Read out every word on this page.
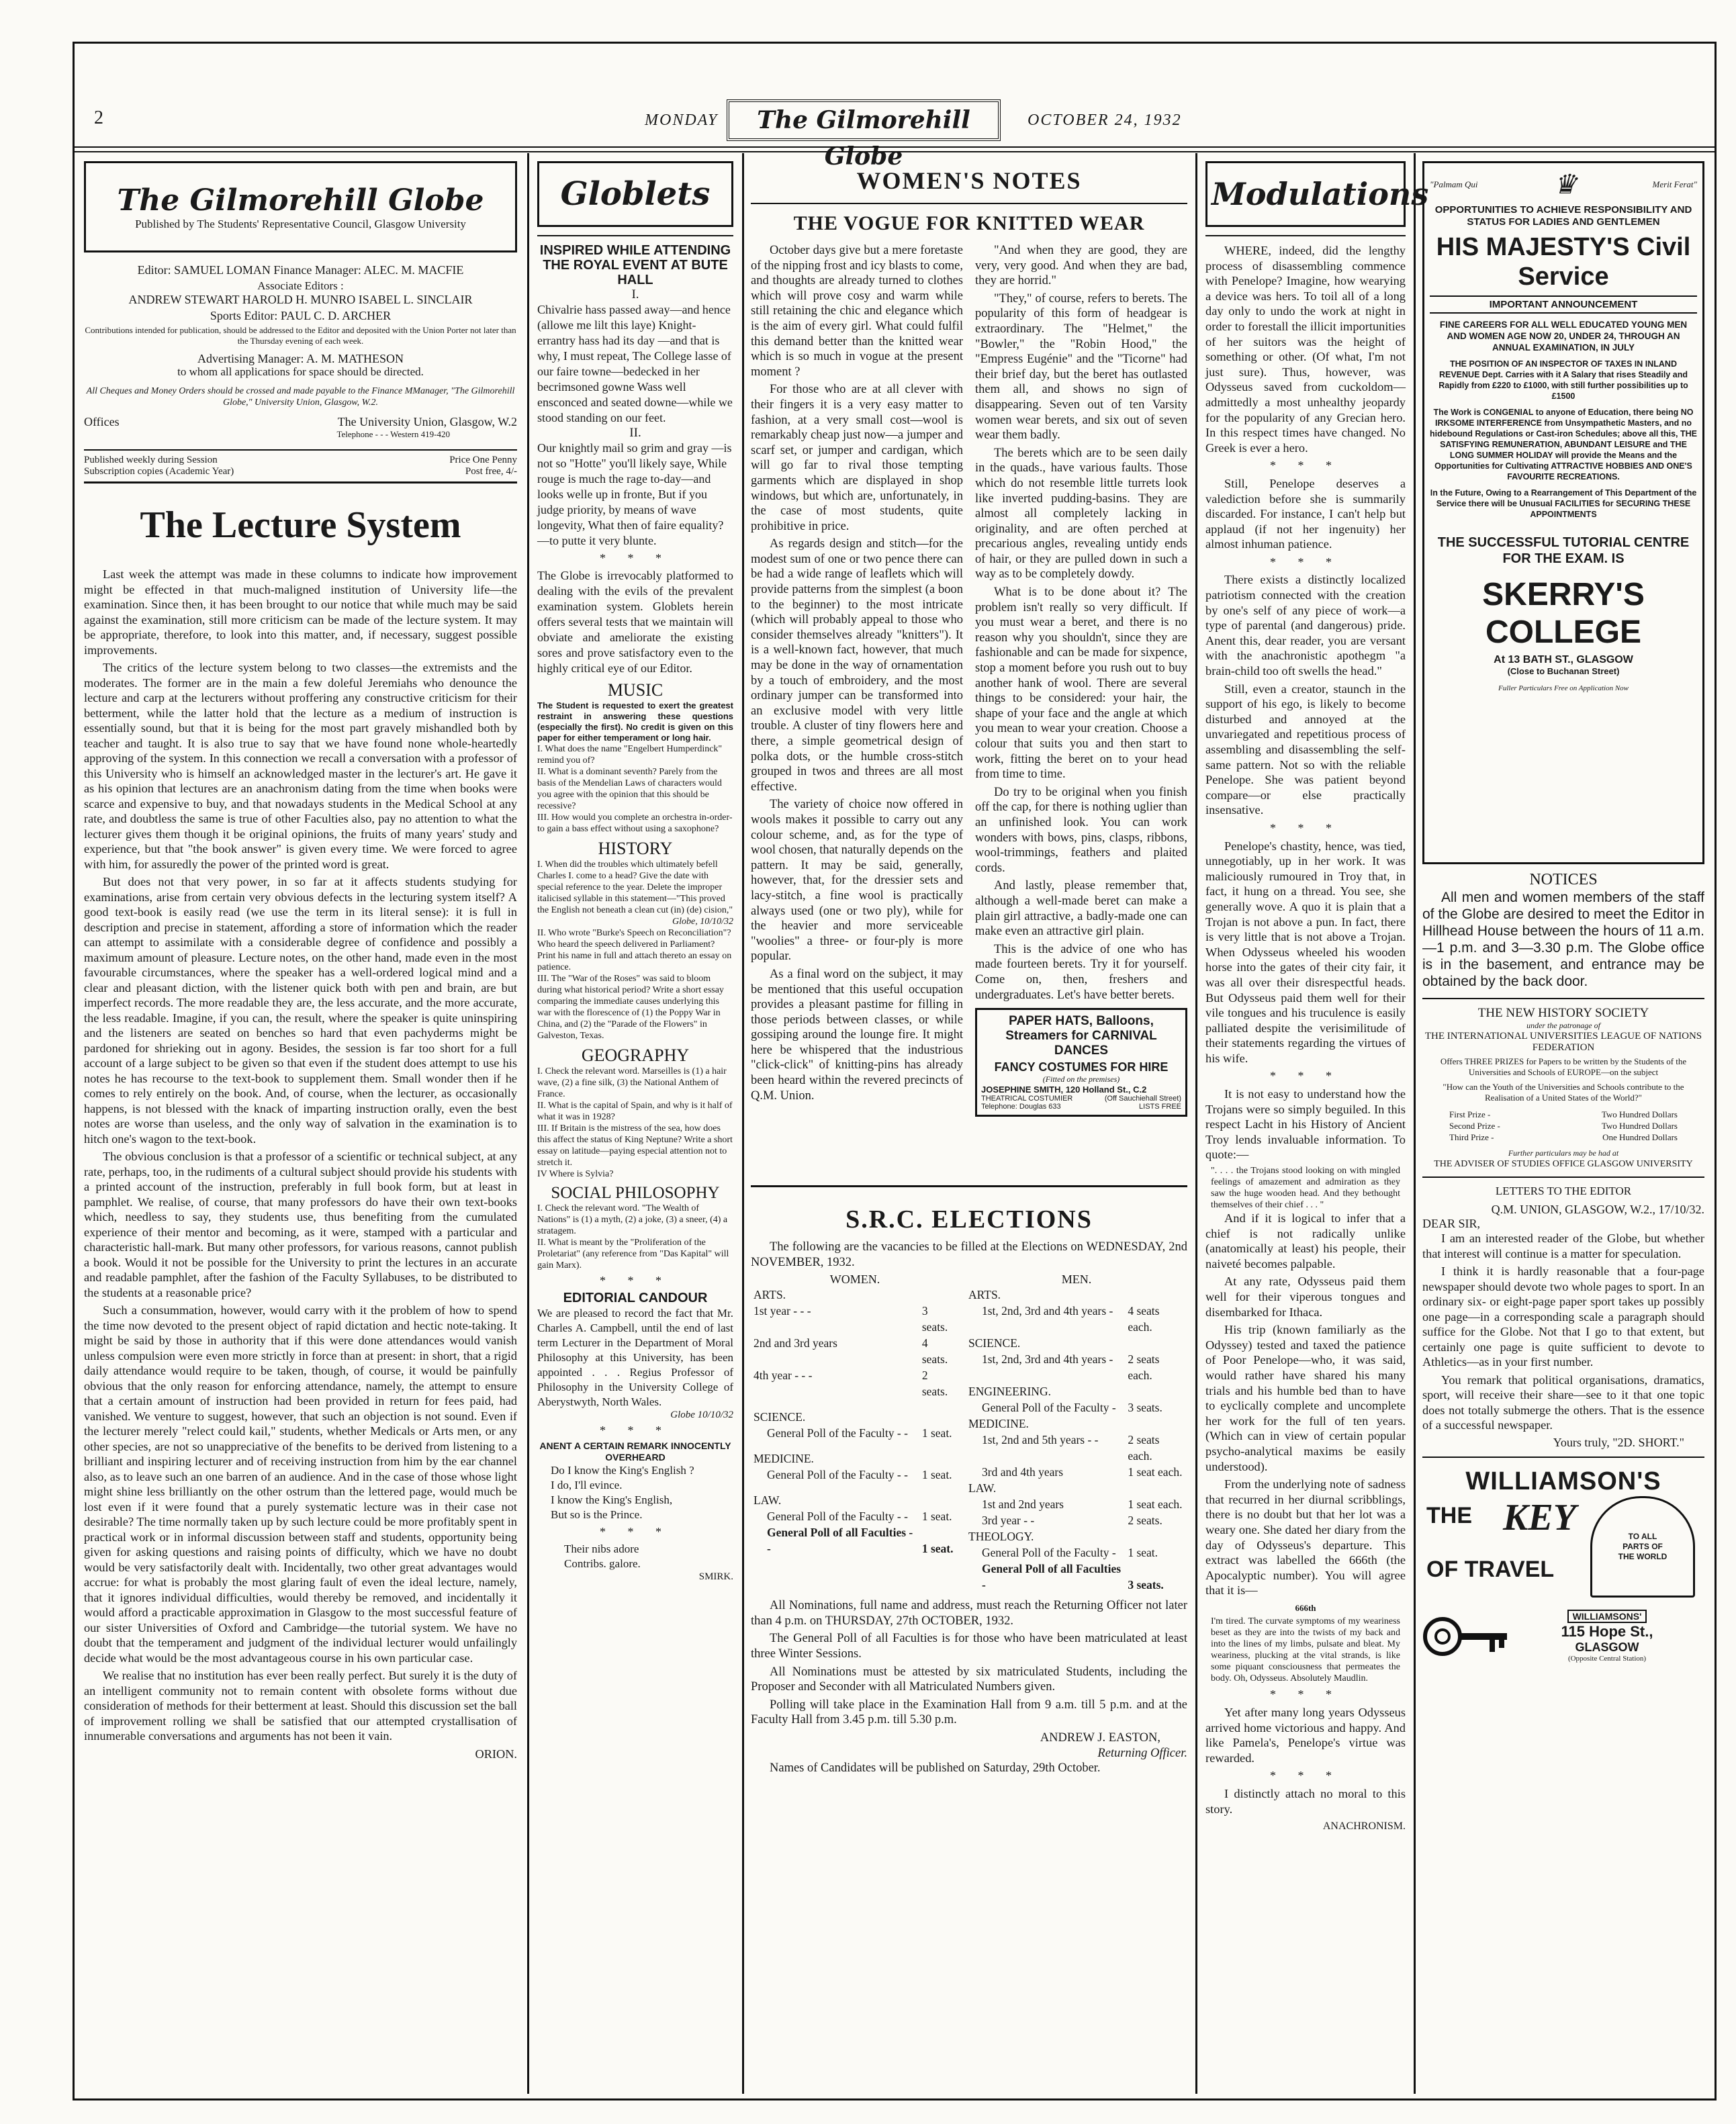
2	MONDAY	The Gilmorehill Globe
OCTOBER 24, 1932
The Gilmorehill Globe
Published by The Students' Representative Council, Glasgow University
Editor: SAMUEL LOMAN Finance Manager: ALEC. M. MACFIE
Associate Editors :
ANDREW STEWART HAROLD H. MUNRO ISABEL L. SINCLAIR
Sports Editor: PAUL C. D. ARCHER
Contributions intended for publication, should be addressed to the Editor and deposited with the Union Porter not later than the Thursday evening of each week.
Advertising Manager: A. M. MATHESON
to whom all applications for space should be directed.
All Cheques and Money Orders should be crossed and made payable to the Finance MManager, "The Gilmorehill Globe," University Union, Glasgow, W.2.
Offices	The University Union, Glasgow, W.2
Telephone - - - Western 419-420
Published weekly during Session	Price One Penny
Subscription copies (Academic Year)	Post free, 4/-
The Lecture System

Last week the attempt was made in these columns to indicate how improvement might be effected in that much-maligned institution of University life—the examination. Since then, it has been brought to our notice that while much may be said against the examination, still more criticism can be made of the lecture system. It may be appropriate, therefore, to look into this matter, and, if necessary, suggest possible improvements.

The critics of the lecture system belong to two classes—the extremists and the moderates. The former are in the main a few doleful Jeremiahs who denounce the lecture and carp at the lecturers without proffering any constructive criticism for their betterment, while the latter hold that the lecture as a medium of instruction is essentially sound, but that it is being for the most part gravely mishandled both by teacher and taught. It is also true to say that we have found none whole-heartedly approving of the system. In this connection we recall a conversation with a professor of this University who is himself an acknowledged master in the lecturer's art. He gave it as his opinion that lectures are an anachronism dating from the time when books were scarce and expensive to buy, and that nowadays students in the Medical School at any rate, and doubtless the same is true of other Faculties also, pay no attention to what the lecturer gives them though it be original opinions, the fruits of many years' study and experience, but that "the book answer" is given every time. We were forced to agree with him, for assuredly the power of the printed word is great.

But does not that very power, in so far at it affects students studying for examinations, arise from certain very obvious defects in the lecturing system itself? A good text-book is easily read (we use the term in its literal sense): it is full in description and precise in statement, affording a store of information which the reader can attempt to assimilate with a considerable degree of confidence and possibly a maximum amount of pleasure. Lecture notes, on the other hand, made even in the most favourable circumstances, where the speaker has a well-ordered logical mind and a clear and pleasant diction, with the listener quick both with pen and brain, are but imperfect records. The more readable they are, the less accurate, and the more accurate, the less readable. Imagine, if you can, the result, where the speaker is quite uninspiring and the listeners are seated on benches so hard that even pachyderms might be pardoned for shrieking out in agony. Besides, the session is far too short for a full account of a large subject to be given so that even if the student does attempt to use his notes he has recourse to the text-book to supplement them. Small wonder then if he comes to rely entirely on the book. And, of course, when the lecturer, as occasionally happens, is not blessed with the knack of imparting instruction orally, even the best notes are worse than useless, and the only way of salvation in the examination is to hitch one's wagon to the text-book.

The obvious conclusion is that a professor of a scientific or technical subject, at any rate, perhaps, too, in the rudiments of a cultural subject should provide his students with a printed account of the instruction, preferably in full book form, but at least in pamphlet. We realise, of course, that many professors do have their own text-books which, needless to say, they students use, thus benefiting from the cumulated experience of their mentor and becoming, as it were, stamped with a particular and characteristic hall-mark. But many other professors, for various reasons, cannot publish a book. Would it not be possible for the University to print the lectures in an accurate and readable pamphlet, after the fashion of the Faculty Syllabuses, to be distributed to the students at a reasonable price?

Such a consummation, however, would carry with it the problem of how to spend the time now devoted to the present object of rapid dictation and hectic note-taking. It might be said by those in authority that if this were done attendances would vanish unless compulsion were even more strictly in force than at present: in short, that a rigid daily attendance would require to be taken, though, of course, it would be painfully obvious that the only reason for enforcing attendance, namely, the attempt to ensure that a certain amount of instruction had been provided in return for fees paid, had vanished. We venture to suggest, however, that such an objection is not sound. Even if the lecturer merely "relect could kail," students, whether Medicals or Arts men, or any other species, are not so unappreciative of the benefits to be derived from listening to a brilliant and inspiring lecturer and of receiving instruction from him by the ear channel also, as to leave such an one barren of an audience. And in the case of those whose light might shine less brilliantly on the other ostrum than the lettered page, would much be lost even if it were found that a purely systematic lecture was in their case not desirable? The time normally taken up by such lecture could be more profitably spent in practical work or in informal discussion between staff and students, opportunity being given for asking questions and raising points of difficulty, which we have no doubt would be very satisfactorily dealt with. Incidentally, two other great advantages would accrue: for what is probably the most glaring fault of even the ideal lecture, namely, that it ignores individual difficulties, would thereby be removed, and incidentally it would afford a practicable approximation in Glasgow to the most successful feature of our sister Universities of Oxford and Cambridge—the tutorial system. We have no doubt that the temperament and judgment of the individual lecturer would unfailingly decide what would be the most advantageous course in his own particular case.

We realise that no institution has ever been really perfect. But surely it is the duty of an intelligent community not to remain content with obsolete forms without due consideration of methods for their betterment at least. Should this discussion set the ball of improvement rolling we shall be satisfied that our attempted crystallisation of innumerable conversations and arguments has not been it vain.

ORION.
Globlets
INSPIRED WHILE ATTENDING THE ROYAL EVENT AT BUTE HALL
I.
Chivalrie hass passed away—and hence (allowe me lilt this laye) Knight-errantry hass had its day —and that is why, I must repeat, The College lasse of our faire towne—bedecked in her becrimsoned gowne Wass well ensconced and seated downe—while we stood standing on our feet.
II.
Our knightly mail so grim and gray —is not so "Hotte" you'll likely saye, While rouge is much the rage to-day—and looks welle up in fronte, But if you judge priority, by means of wave longevity, What then of faire equality?—to putte it very blunte.
* * *
The Globe is irrevocably platformed to dealing with the evils of the prevalent examination system. Globlets herein offers several tests that we maintain will obviate and ameliorate the existing sores and prove satisfactory even to the highly critical eye of our Editor.
MUSIC
The Student is requested to exert the greatest restraint in answering these questions (especially the first). No credit is given on this paper for either temperament or long hair.
I. What does the name "Engelbert Humperdinck" remind you of?
II. What is a dominant seventh? Parely from the basis of the Mendelian Laws of characters would you agree with the opinion that this should be recessive?
III. How would you complete an orchestra in-order-to gain a bass effect without using a saxophone?
HISTORY
I. When did the troubles which ultimately befell Charles I. come to a head? Give the date with special reference to the year. Delete the improper italicised syllable in this statement—"This proved the English not beneath a clean cut (in) (de) cision,"
Globe, 10/10/32
II. Who wrote "Burke's Speech on Reconciliation"? Who heard the speech delivered in Parliament? Print his name in full and attach thereto an essay on patience.
III. The "War of the Roses" was said to bloom during what historical period? Write a short essay comparing the immediate causes underlying this war with the florescence of (1) the Poppy War in China, and (2) the "Parade of the Flowers" in Galveston, Texas.
GEOGRAPHY
I. Check the relevant word. Marseilles is (1) a hair wave, (2) a fine silk, (3) the National Anthem of France.
II. What is the capital of Spain, and why is it half of what it was in 1928?
III. If Britain is the mistress of the sea, how does this affect the status of King Neptune? Write a short essay on latitude—paying especial attention not to stretch it.
IV Where is Sylvia?
SOCIAL PHILOSOPHY
I. Check the relevant word. "The Wealth of Nations" is (1) a myth, (2) a joke, (3) a sneer, (4) a stratagem.
II. What is meant by the "Proliferation of the Proletariat" (any reference from "Das Kapital" will gain Marx).
* * *
EDITORIAL CANDOUR
We are pleased to record the fact that Mr. Charles A. Campbell, until the end of last term Lecturer in the Department of Moral Philosophy at this University, has been appointed . . . Regius Professor of Philosophy in the University College of Aberystwyth, North Wales.
Globe 10/10/32
* * *
ANENT A CERTAIN REMARK INNOCENTLY OVERHEARD
Do I know the King's English ?
I do, I'll evince.
I know the King's English,
But so is the Prince.
* * *
Their nibs adore
Contribs. galore.
SMIRK.
WOMEN'S NOTES
THE VOGUE FOR KNITTED WEAR

October days give but a mere foretaste of the nipping frost and icy blasts to come, and thoughts are already turned to clothes which will prove cosy and warm while still retaining the chic and elegance which is the aim of every girl. What could fulfil this demand better than the knitted wear which is so much in vogue at the present moment ?

For those who are at all clever with their fingers it is a very easy matter to fashion, at a very small cost—wool is remarkably cheap just now—a jumper and scarf set, or jumper and cardigan, which will go far to rival those tempting garments which are displayed in shop windows, but which are, unfortunately, in the case of most students, quite prohibitive in price.

As regards design and stitch—for the modest sum of one or two pence there can be had a wide range of leaflets which will provide patterns from the simplest (a boon to the beginner) to the most intricate (which will probably appeal to those who consider themselves already "knitters"). It is a well-known fact, however, that much may be done in the way of ornamentation by a touch of embroidery, and the most ordinary jumper can be transformed into an exclusive model with very little trouble. A cluster of tiny flowers here and there, a simple geometrical design of polka dots, or the humble cross-stitch grouped in twos and threes are all most effective.

The variety of choice now offered in wools makes it possible to carry out any colour scheme, and, as for the type of wool chosen, that naturally depends on the pattern. It may be said, generally, however, that, for the dressier sets and lacy-stitch, a fine wool is practically always used (one or two ply), while for the heavier and more serviceable "woolies" a three- or four-ply is more popular.

As a final word on the subject, it may be mentioned that this useful occupation provides a pleasant pastime for filling in those periods between classes, or while gossiping around the lounge fire. It might here be whispered that the industrious "click-click" of knitting-pins has already been heard within the revered precincts of Q.M. Union.

"And when they are good, they are very, very good. And when they are bad, they are horrid."

"They," of course, refers to berets. The popularity of this form of headgear is extraordinary. The "Helmet," the "Bowler," the "Robin Hood," the "Empress Eugénie" and the "Ticorne" had their brief day, but the beret has outlasted them all, and shows no sign of disappearing. Seven out of ten Varsity women wear berets, and six out of seven wear them badly.

The berets which are to be seen daily in the quads., have various faults. Those which do not resemble little turrets look like inverted pudding-basins. They are almost all completely lacking in originality, and are often perched at precarious angles, revealing untidy ends of hair, or they are pulled down in such a way as to be completely dowdy.

What is to be done about it? The problem isn't really so very difficult. If you must wear a beret, and there is no reason why you shouldn't, since they are fashionable and can be made for sixpence, stop a moment before you rush out to buy another hank of wool. There are several things to be considered: your hair, the shape of your face and the angle at which you mean to wear your creation. Choose a colour that suits you and then start to work, fitting the beret on to your head from time to time.

Do try to be original when you finish off the cap, for there is nothing uglier than an unfinished look. You can work wonders with bows, pins, clasps, ribbons, wool-trimmings, feathers and plaited cords.

And lastly, please remember that, although a well-made beret can make a plain girl attractive, a badly-made one can make even an attractive girl plain.

This is the advice of one who has made fourteen berets. Try it for yourself. Come on, then, freshers and undergraduates. Let's have better berets.

PAPER HATS, Balloons, Streamers for CARNIVAL DANCES
FANCY COSTUMES FOR HIRE
(Fitted on the premises)
JOSEPHINE SMITH, 120 Holland St., C.2
THEATRICAL COSTUMIER	(Off Sauchiehall Street)
Telephone: Douglas 633	LISTS FREE
S.R.C. ELECTIONS

The following are the vacancies to be filled at the Elections on WEDNESDAY, 2nd NOVEMBER, 1932.

WOMEN.
ARTS.	
1st year - - -	3 seats.
2nd and 3rd years	4 seats.
4th year - - -	2 seats.
SCIENCE.	
General Poll of the Faculty - -	1 seat.
MEDICINE.	
General Poll of the Faculty - -	1 seat.
LAW.	
General Poll of the Faculty - -	1 seat.
General Poll of all Faculties - -	1 seat.
MEN.
ARTS.	
1st, 2nd, 3rd and 4th years -	4 seats each.
SCIENCE.	
1st, 2nd, 3rd and 4th years -	2 seats each.
ENGINEERING.	
General Poll of the Faculty -	3 seats.
MEDICINE.	
1st, 2nd and 5th years - -	2 seats each.
3rd and 4th years	1 seat each.
LAW.	
1st and 2nd years	1 seat each.
3rd year - -	2 seats.
THEOLOGY.	
General Poll of the Faculty -	1 seat.
General Poll of all Faculties -	3 seats.

All Nominations, full name and address, must reach the Returning Officer not later than 4 p.m. on THURSDAY, 27th OCTOBER, 1932.

The General Poll of all Faculties is for those who have been matriculated at least three Winter Sessions.

All Nominations must be attested by six matriculated Students, including the Proposer and Seconder with all Matriculated Numbers given.

Polling will take place in the Examination Hall from 9 a.m. till 5 p.m. and at the Faculty Hall from 3.45 p.m. till 5.30 p.m.

ANDREW J. EASTON,
Returning Officer.

Names of Candidates will be published on Saturday, 29th October.

Modulations

WHERE, indeed, did the lengthy process of disassembling commence with Penelope? Imagine, how wearying a device was hers. To toil all of a long day only to undo the work at night in order to forestall the illicit importunities of her suitors was the height of something or other. (Of what, I'm not just sure). Thus, however, was Odysseus saved from cuckoldom—admittedly a most unhealthy jeopardy for the popularity of any Grecian hero. In this respect times have changed. No Greek is ever a hero.

* * *

Still, Penelope deserves a valediction before she is summarily discarded. For instance, I can't help but applaud (if not her ingenuity) her almost inhuman patience.

* * *

There exists a distinctly localized patriotism connected with the creation by one's self of any piece of work—a type of parental (and dangerous) pride. Anent this, dear reader, you are versant with the anachronistic apothegm "a brain-child too oft swells the head."

Still, even a creator, staunch in the support of his ego, is likely to become disturbed and annoyed at the unvariegated and repetitious process of assembling and disassembling the self-same pattern. Not so with the reliable Penelope. She was patient beyond compare—or else practically insensative.

* * *

Penelope's chastity, hence, was tied, unnegotiably, up in her work. It was maliciously rumoured in Troy that, in fact, it hung on a thread. You see, she generally wove. A quo it is plain that a Trojan is not above a pun. In fact, there is very little that is not above a Trojan. When Odysseus wheeled his wooden horse into the gates of their city fair, it was all over their disrespectful heads. But Odysseus paid them well for their vile tongues and his truculence is easily palliated despite the verisimilitude of their statements regarding the virtues of his wife.

* * *

It is not easy to understand how the Trojans were so simply beguiled. In this respect Lacht in his History of Ancient Troy lends invaluable information. To quote:—

". . . . the Trojans stood looking on with mingled feelings of amazement and admiration as they saw the huge wooden head. And they bethought themselves of their chief . . . "

And if it is logical to infer that a chief is not radically unlike (anatomically at least) his people, their naiveté becomes palpable.

At any rate, Odysseus paid them well for their viperous tongues and disembarked for Ithaca.

His trip (known familiarly as the Odyssey) tested and taxed the patience of Poor Penelope—who, it was said, would rather have shared his many trials and his humble bed than to have to eyclically complete and uncomplete her work for the full of ten years. (Which can in view of certain popular psycho-analytical maxims be easily understood).

From the underlying note of sadness that recurred in her diurnal scribblings, there is no doubt but that her lot was a weary one. She dated her diary from the day of Odysseus's departure. This extract was labelled the 666th (the Apocalyptic number). You will agree that it is—

666th
I'm tired. The curvate symptoms of my weariness beset as they are into the twists of my back and into the lines of my limbs, pulsate and bleat. My weariness, plucking at the vital strands, is like some piquant consciousness that permeates the body. Oh, Odysseus. Absolutely Maudlin.
* * *

Yet after many long years Odysseus arrived home victorious and happy. And like Pamela's, Penelope's virtue was rewarded.

* * *

I distinctly attach no moral to this story.

ANACHRONISM.
"Palmam Qui	♛	Merit Ferat"
OPPORTUNITIES TO ACHIEVE RESPONSIBILITY AND STATUS FOR LADIES AND GENTLEMEN
HIS MAJESTY'S Civil Service
IMPORTANT ANNOUNCEMENT
FINE CAREERS FOR ALL WELL EDUCATED YOUNG MEN AND WOMEN AGE NOW 20, UNDER 24, THROUGH AN ANNUAL EXAMINATION, IN JULY
THE POSITION OF AN INSPECTOR OF TAXES IN INLAND REVENUE Dept. Carries with it A Salary that rises Steadily and Rapidly from £220 to £1000, with still further possibilities up to £1500
The Work is CONGENIAL to anyone of Education, there being NO IRKSOME INTERFERENCE from Unsympathetic Masters, and no hidebound Regulations or Cast-iron Schedules; above all this, THE SATISFYING REMUNERATION, ABUNDANT LEISURE and THE LONG SUMMER HOLIDAY will provide the Means and the Opportunities for Cultivating ATTRACTIVE HOBBIES AND ONE'S FAVOURITE RECREATIONS.
In the Future, Owing to a Rearrangement of This Department of the Service there will be Unusual FACILITIES for SECURING THESE APPOINTMENTS
THE SUCCESSFUL TUTORIAL CENTRE FOR THE EXAM. IS
SKERRY'S COLLEGE
At 13 BATH ST., GLASGOW
(Close to Buchanan Street)
Fuller Particulars Free on Application Now
NOTICES
All men and women members of the staff of the Globe are desired to meet the Editor in Hillhead House between the hours of 11 a.m.—1 p.m. and 3—3.30 p.m. The Globe office is in the basement, and entrance may be obtained by the back door.
THE NEW HISTORY SOCIETY
under the patronage of
THE INTERNATIONAL UNIVERSITIES LEAGUE OF NATIONS FEDERATION
Offers THREE PRIZES for Papers to be written by the Students of the Universities and Schools of EUROPE—on the subject
"How can the Youth of the Universities and Schools contribute to the Realisation of a United States of the World?"
First Prize -	Two Hundred Dollars
Second Prize -	Two Hundred Dollars
Third Prize -	One Hundred Dollars
Further particulars may be had at
THE ADVISER OF STUDIES OFFICE GLASGOW UNIVERSITY
LETTERS TO THE EDITOR
Q.M. UNION, GLASGOW, W.2., 17/10/32.
DEAR SIR,

I am an interested reader of the Globe, but whether that interest will continue is a matter for speculation.

I think it is hardly reasonable that a four-page newspaper should devote two whole pages to sport. In an ordinary six- or eight-page paper sport takes up possibly one page—in a corresponding scale a paragraph should suffice for the Globe. Not that I go to that extent, but certainly one page is quite sufficient to devote to Athletics—as in your first number.

You remark that political organisations, dramatics, sport, will receive their share—see to it that one topic does not totally submerge the others. That is the essence of a successful newspaper.

Yours truly, "2D. SHORT."
WILLIAMSON'S
THE KEY	TO ALL PARTS OF THE WORLD
OF TRAVEL
WILLIAMSONS'
115 Hope St.,
GLASGOW
(Opposite Central Station)
